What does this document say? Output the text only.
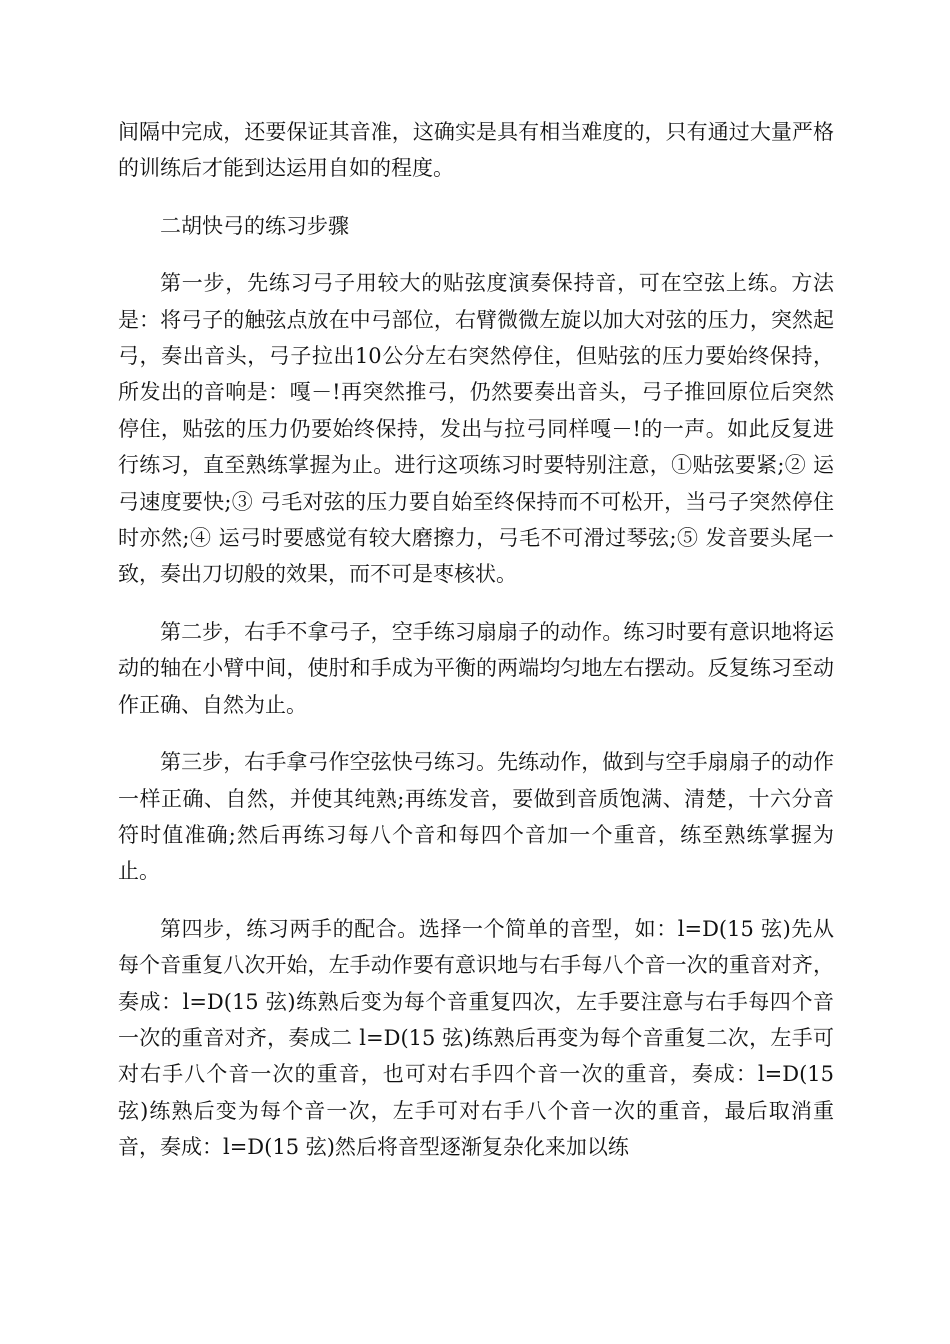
间隔中完成，还要保证其音准，这确实是具有相当难度的，只有通过大量严格的训练后才能到达运用自如的程度。

二胡快弓的练习步骤

第一步，先练习弓子用较大的贴弦度演奏保持音，可在空弦上练。方法是：将弓子的触弦点放在中弓部位，右臂微微左旋以加大对弦的压力，突然起弓，奏出音头，弓子拉出10公分左右突然停住，但贴弦的压力要始终保持，所发出的音响是：嘎－!再突然推弓，仍然要奏出音头，弓子推回原位后突然停住，贴弦的压力仍要始终保持，发出与拉弓同样嘎－!的一声。如此反复进行练习，直至熟练掌握为止。进行这项练习时要特别注意，①贴弦要紧;② 运弓速度要快;③ 弓毛对弦的压力要自始至终保持而不可松开，当弓子突然停住时亦然;④ 运弓时要感觉有较大磨擦力，弓毛不可滑过琴弦;⑤ 发音要头尾一致，奏出刀切般的效果，而不可是枣核状。

第二步，右手不拿弓子，空手练习扇扇子的动作。练习时要有意识地将运动的轴在小臂中间，使肘和手成为平衡的两端均匀地左右摆动。反复练习至动作正确、自然为止。

第三步，右手拿弓作空弦快弓练习。先练动作，做到与空手扇扇子的动作一样正确、自然，并使其纯熟;再练发音，要做到音质饱满、清楚，十六分音符时值准确;然后再练习每八个音和每四个音加一个重音，练至熟练掌握为止。

第四步，练习两手的配合。选择一个简单的音型，如：l=D(15 弦)先从每个音重复八次开始，左手动作要有意识地与右手每八个音一次的重音对齐，奏成：l=D(15 弦)练熟后变为每个音重复四次，左手要注意与右手每四个音一次的重音对齐，奏成二 l=D(15 弦)练熟后再变为每个音重复二次，左手可对右手八个音一次的重音，也可对右手四个音一次的重音，奏成：l=D(15 弦)练熟后变为每个音一次，左手可对右手八个音一次的重音，最后取消重音，奏成：l=D(15 弦)然后将音型逐渐复杂化来加以练
